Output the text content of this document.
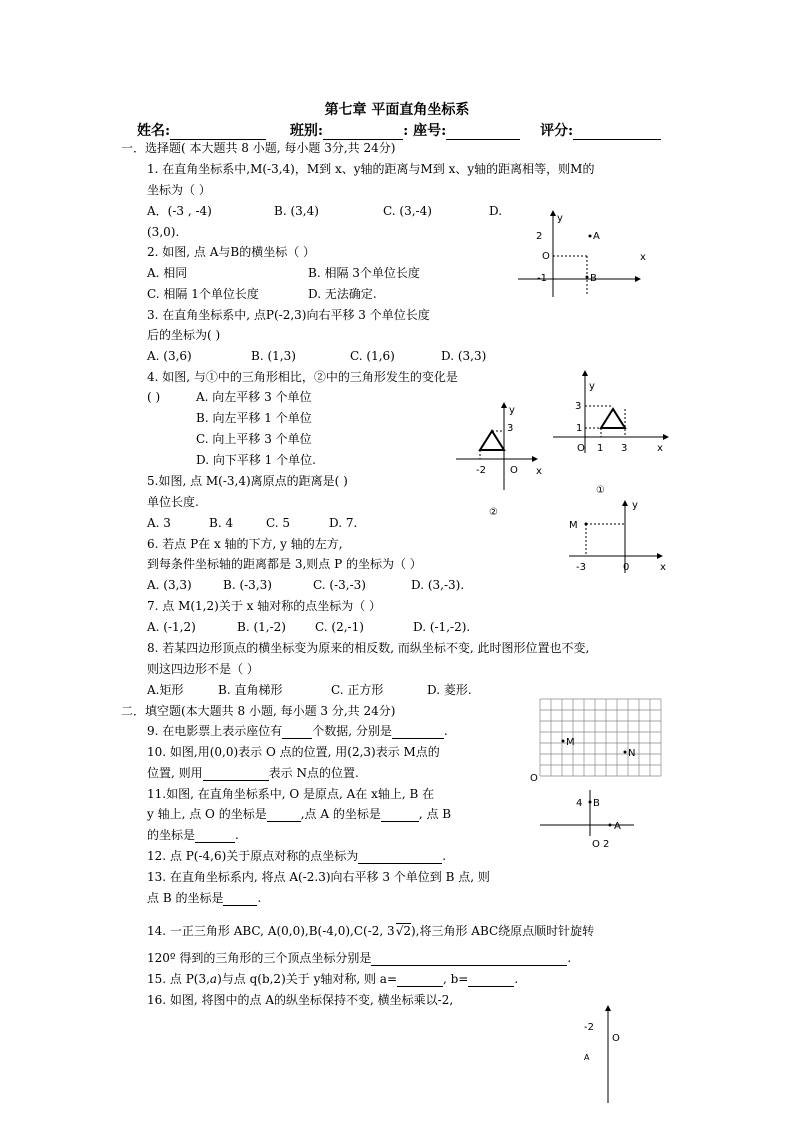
第七章 平面直角坐标系
姓名:	班别:	: 座号:	评分:
一．选择题( 本大题共 8 小题, 每小题 3分,共 24分)
1. 在直角坐标系中,M(-3,4)，M到 x、y轴的距离与M到 x、y轴的距离相等，则M的
坐标为（ ）
A．(-3 , -4)	B. (3,4)	C. (3,-4)	D.
(3,0).
2. 如图, 点 A与B的横坐标（ ）
A. 相同	B. 相隔 3个单位长度
C. 相隔 1个单位长度	D. 无法确定.
3. 在直角坐标系中, 点P(-2,3)向右平移 3 个单位长度
后的坐标为( )
A. (3,6)	B. (1,3)	C. (1,6)	D. (3,3)
4. 如图, 与①中的三角形相比，②中的三角形发生的变化是
( )	A. 向左平移 3 个单位
B. 向左平移 1 个单位
C. 向上平移 3 个单位
D. 向下平移 1 个单位.
5.如图, 点 M(-3,4)离原点的距离是( )
单位长度.
A. 3	B. 4	C. 5	D. 7.
6. 若点 P在 x 轴的下方, y 轴的左方,
到每条件坐标轴的距离都是 3,则点 P 的坐标为（ ）
A. (3,3)	B. (-3,3)	C. (-3,-3)	D. (3,-3).
7. 点 M(1,2)关于 x 轴对称的点坐标为（ ）
A. (-1,2)	B. (1,-2) C. (2,-1)	D. (-1,-2).
8. 若某四边形顶点的横坐标变为原来的相反数, 而纵坐标不变, 此时图形位置也不变,
则这四边形不是（ ）
A.矩形	B. 直角梯形	C. 正方形	D. 菱形.
二．填空题(本大题共 8 小题, 每小题 3 分,共 24分)
9. 在电影票上表示座位有	个数据, 分别是	.
10. 如图,用(0,0)表示 O 点的位置, 用(2,3)表示 M点的
位置, 则用	表示 N点的位置.
11.如图, 在直角坐标系中, O 是原点, A在 x轴上, B 在
y 轴上, 点 O 的坐标是	,点 A 的坐标是	, 点 B
的坐标是	.
12. 点 P(-4,6)关于原点对称的点坐标为	.
13. 在直角坐标系内, 将点 A(-2.3)向右平移 3 个单位到 B 点, 则
点 B 的坐标是	.
14. 一正三角形 ABC, A(0,0),B(-4,0),C(-2, 3√2),将三角形 ABC绕原点顺时针旋转
120º 得到的三角形的三个顶点坐标分别是	.
15. 点 P(3,a)与点 q(b,2)关于 y轴对称, 则 a=	, b=	.
16. 如图, 将图中的点 A的纵坐标保持不变, 横坐标乘以-2,
y
x
2
O
-1
A
B
y
x
3
1
O 1 3
①
y
x
3
-2 O
②
y
x
M
-3	0
M
N
O
4 B
A
O 2
-2
O
A
